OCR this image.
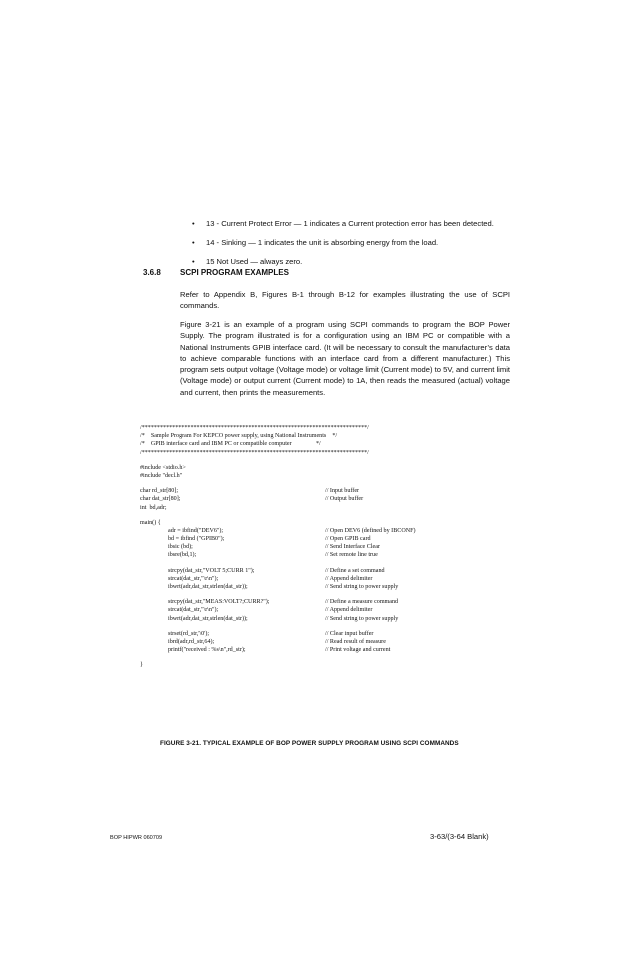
• 13 - Current Protect Error — 1 indicates a Current protection error has been detected.
• 14 - Sinking — 1 indicates the unit is absorbing energy from the load.
• 15 Not Used — always zero.
3.6.8 SCPI PROGRAM EXAMPLES

Refer to Appendix B, Figures B-1 through B-12 for examples illustrating the use of SCPI commands.

Figure 3-21 is an example of a program using SCPI commands to program the BOP Power Supply. The program illustrated is for a configuration using an IBM PC or compatible with a National Instruments GPIB interface card. (It will be necessary to consult the manufacturer’s data to achieve comparable functions with an interface card from a different manufacturer.) This program sets output voltage (Voltage mode) or voltage limit (Current mode) to 5V, and current limit (Voltage mode) or output current (Current mode) to 1A, then reads the measured (actual) voltage and current, then prints the measurements.

/**************************************************************************/
/*    Sample Program For KEPCO power supply, using National Instruments    */
/*    GPIB interface card and IBM PC or compatible computer                */
/**************************************************************************/
#include <stdio.h>
#include "decl.h"
char rd_str[80];	// Input buffer
char dat_str[80];	// Output buffer
int  bd,adr;
main() {
adr = ibfind("DEV6");	// Open DEV6 (defined by IBCONF)
bd = ibfind ("GPIB0");	// Open GPIB card
ibsic (bd);	// Send Interface Clear
ibsre(bd,1);	// Set remote line true
strcpy(dat_str,"VOLT 5;CURR 1");	// Define a set command
strcat(dat_str,"\r\n");	// Append delimiter
ibwrt(adr,dat_str,strlen(dat_str));	// Send string to power supply
strcpy(dat_str,"MEAS:VOLT?;CURR?");	// Define a measure command
strcat(dat_str,"\r\n");	// Append delimiter
ibwrt(adr,dat_str,strlen(dat_str));	// Send string to power supply
strset(rd_str,'\0');	// Clear input buffer
ibrd(adr,rd_str,64);	// Read result of measure
printf("received : %s\n",rd_str);	// Print voltage and current
}
FIGURE 3-21. TYPICAL EXAMPLE OF BOP POWER SUPPLY PROGRAM USING SCPI COMMANDS
BOP HIPWR 060709	3-63/(3-64 Blank)
